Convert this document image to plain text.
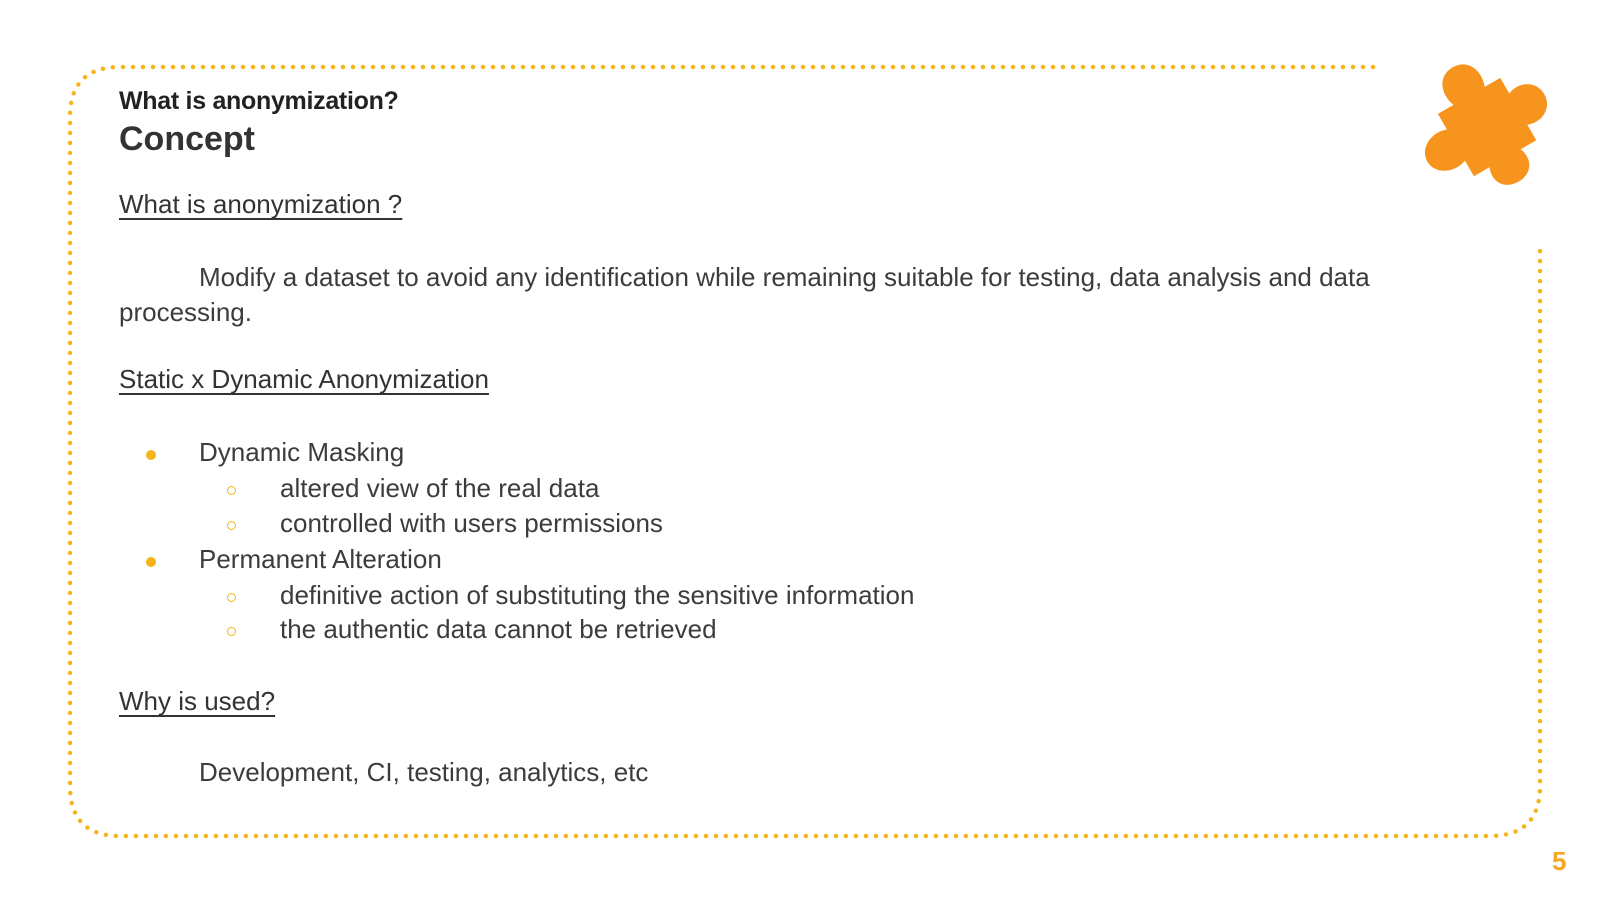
What is anonymization?
Concept
What is anonymization ?
Modify a dataset to avoid any identification while remaining suitable for testing, data analysis and data processing.
Static x Dynamic Anonymization
Dynamic Masking
altered view of the real data
controlled with users permissions
Permanent Alteration
definitive action of substituting the sensitive information
the authentic data cannot be retrieved
Why is used?
Development, CI, testing, analytics, etc
5
